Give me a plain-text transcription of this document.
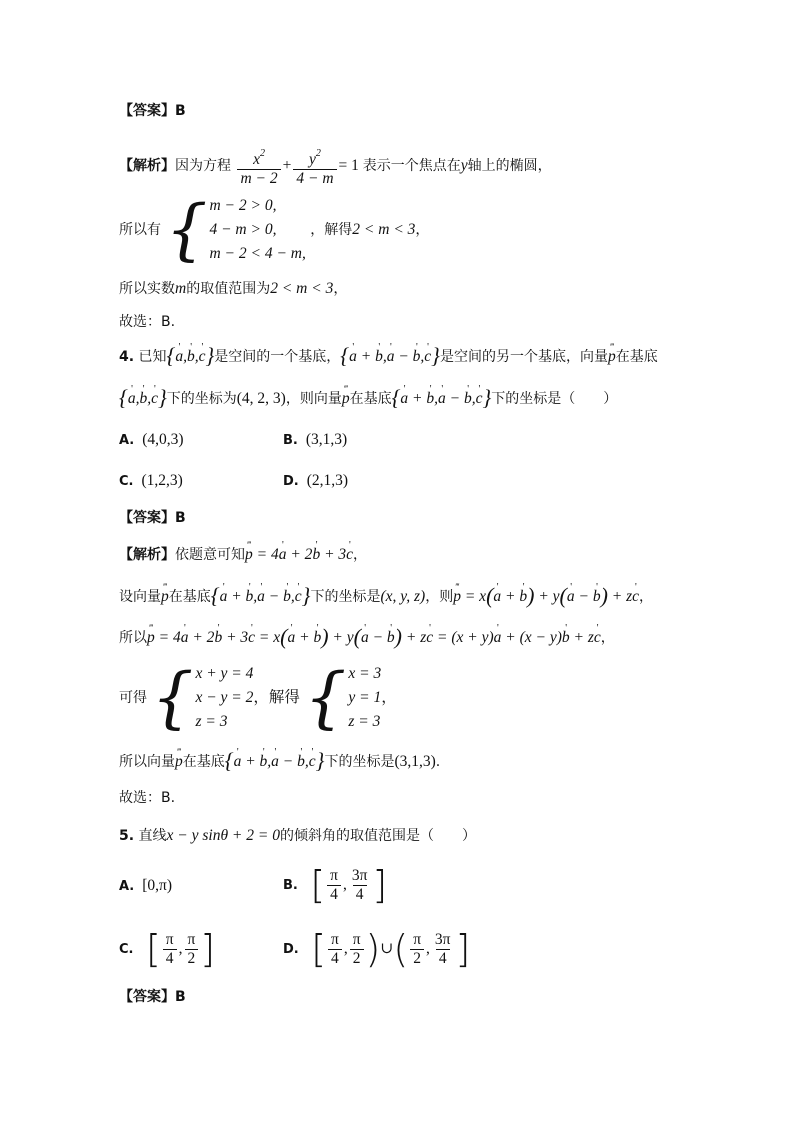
【答案】B
【解析】因为方程 $\frac{x^2}{m - 2} + \frac{y^2}{4 - m} = 1$ 表示一个焦点在y轴上的椭圆，
所以有 { m − 2 > 0,
4 − m > 0,
m − 2 < 4 − m,
，解得2 < m < 3，
所以实数m的取值范围为2 < m < 3，
故选：B.
4. 已知{' a,' b,' c}是空间的一个基底，{' a + ' b,' a − ' b,' c}是空间的另一个基底，向量‴ p在基底
{' a,' b,' c}下的坐标为(4, 2, 3)，则向量‴ p在基底{' a + ' b,' a − ' b,' c}下的坐标是（　　）
A. (4,0,3)	B. (3,1,3)
C. (1,2,3)	D. (2,1,3)
【答案】B
【解析】依题意可知‴ p = 4' a + 2' b + 3' c，
设向量‴ p在基底{' a + ' b,' a − ' b,' c}下的坐标是(x, y, z)，则‴ p = x(' a + ' b) + y(' a − ' b) + z' c，
所以‴ p = 4' a + 2' b + 3' c = x(' a + ' b) + y(' a − ' b) + z' c = (x + y)' a + (x − y)' b + z' c，
可得 { x + y = 4
x − y = 2，解得
z = 3
	{ x = 3
y = 1，
z = 3
所以向量‴ p在基底{' a + ' b,' a − ' b,' c}下的坐标是(3,1,3).
故选：B.
5. 直线x − y sinθ + 2 = 0的倾斜角的取值范围是（　　）
A. [0,π)	B. [ $\frac{\pi}{4}$ , $\frac{3\pi}{4}$ ]
C. [ $\frac{\pi}{4}$ , $\frac{\pi}{2}$ ]	D. [ $\frac{\pi}{4}$ , $\frac{\pi}{2}$ ) ∪ ( $\frac{\pi}{2}$ , $\frac{3\pi}{4}$ ]
【答案】B
